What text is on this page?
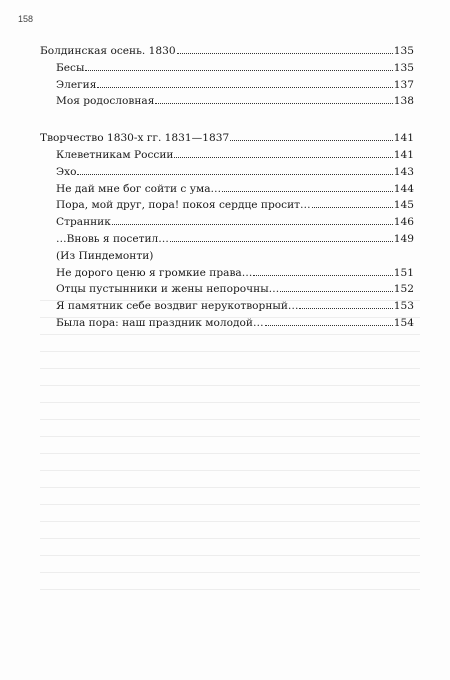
158
Болдинская осень. 1830	135
Бесы	135
Элегия	137
Моя родословная	138
Творчество 1830-х гг. 1831—1837	141
Клеветникам России	141
Эхо	143
Не дай мне бог сойти с ума…	144
Пора, мой друг, пора! покоя сердце просит…	145
Странник	146
…Вновь я посетил…	149
(Из Пиндемонти)
Не дорого ценю я громкие права…	151
Отцы пустынники и жены непорочны…	152
Я памятник себе воздвиг нерукотворный…	153
Была пора: наш праздник молодой…	154
